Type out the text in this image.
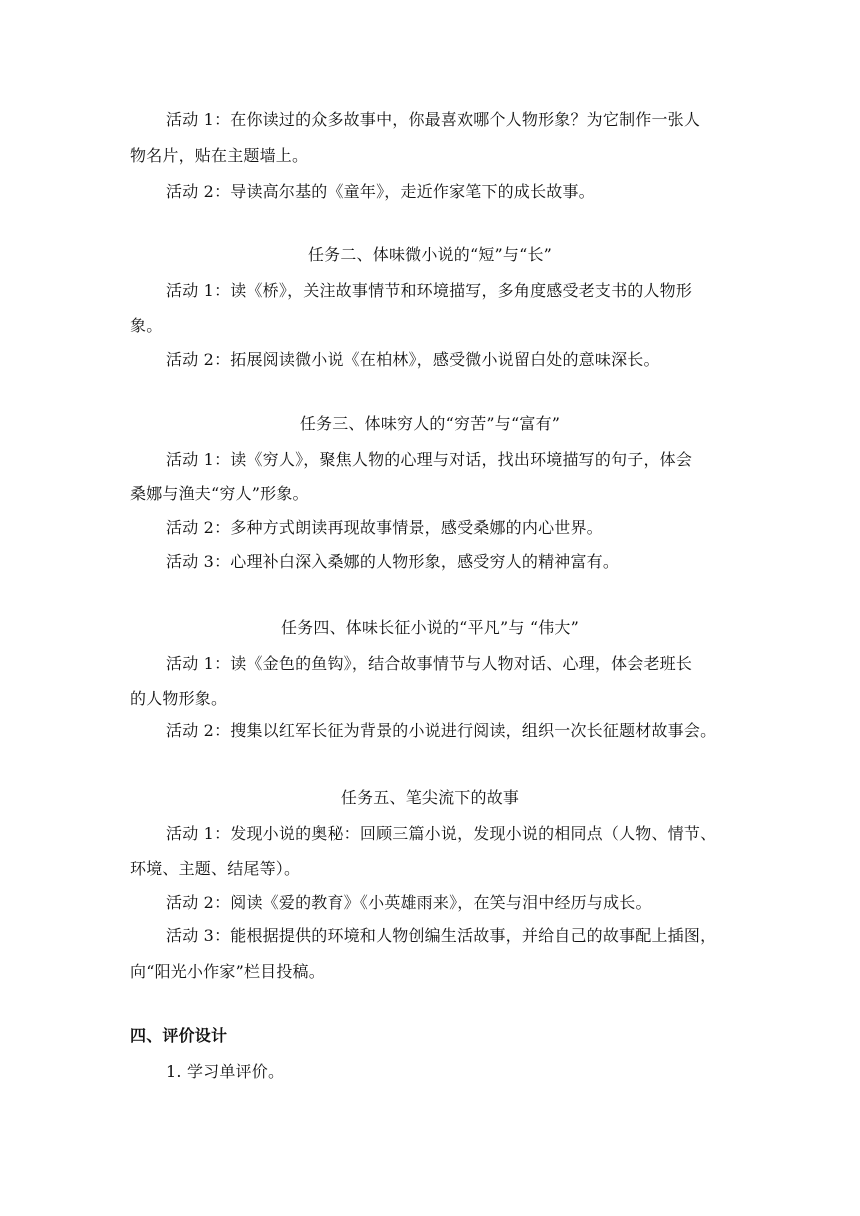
活动 1：在你读过的众多故事中，你最喜欢哪个人物形象？为它制作一张人
物名片，贴在主题墙上。
活动 2：导读高尔基的《童年》，走近作家笔下的成长故事。
任务二、体味微小说的“短”与“长”
活动 1：读《桥》，关注故事情节和环境描写，多角度感受老支书的人物形
象。
活动 2：拓展阅读微小说《在柏林》，感受微小说留白处的意味深长。
任务三、体味穷人的“穷苦”与“富有”
活动 1：读《穷人》，聚焦人物的心理与对话，找出环境描写的句子，体会
桑娜与渔夫“穷人”形象。
活动 2：多种方式朗读再现故事情景，感受桑娜的内心世界。
活动 3：心理补白深入桑娜的人物形象，感受穷人的精神富有。
任务四、体味长征小说的“平凡”与 “伟大”
活动 1：读《金色的鱼钩》，结合故事情节与人物对话、心理，体会老班长
的人物形象。
活动 2：搜集以红军长征为背景的小说进行阅读，组织一次长征题材故事会。
任务五、笔尖流下的故事
活动 1：发现小说的奥秘：回顾三篇小说，发现小说的相同点（人物、情节、
环境、主题、结尾等）。
活动 2：阅读《爱的教育》《小英雄雨来》，在笑与泪中经历与成长。
活动 3：能根据提供的环境和人物创编生活故事，并给自己的故事配上插图，
向“阳光小作家”栏目投稿。
四、评价设计
1. 学习单评价。
